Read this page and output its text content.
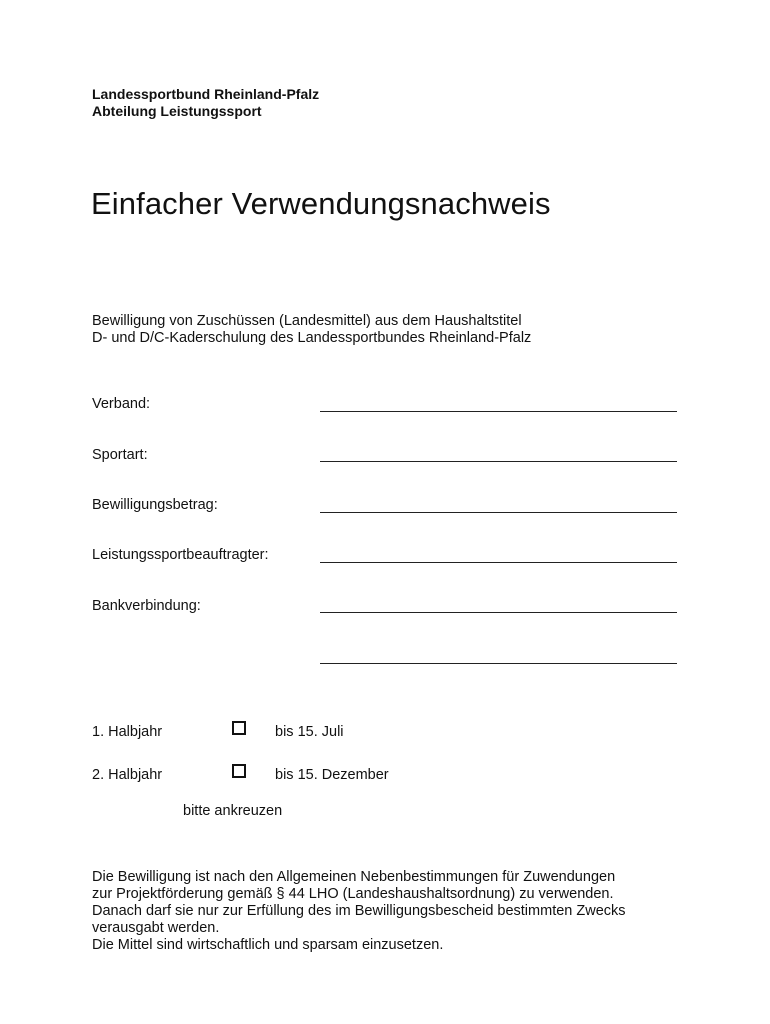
Landessportbund Rheinland-Pfalz
Abteilung Leistungssport
Einfacher Verwendungsnachweis
Bewilligung von Zuschüssen (Landesmittel) aus dem Haushaltstitel
D- und D/C-Kaderschulung des Landessportbundes Rheinland-Pfalz
Verband:
Sportart:
Bewilligungsbetrag:
Leistungssportbeauftragter:
Bankverbindung:
1. Halbjahr	bis 15. Juli
2. Halbjahr	bis 15. Dezember
bitte ankreuzen
Die Bewilligung ist nach den Allgemeinen Nebenbestimmungen für Zuwendungen
zur Projektförderung gemäß § 44 LHO (Landeshaushaltsordnung) zu verwenden.
Danach darf sie nur zur Erfüllung des im Bewilligungsbescheid bestimmten Zwecks
verausgabt werden.
Die Mittel sind wirtschaftlich und sparsam einzusetzen.
